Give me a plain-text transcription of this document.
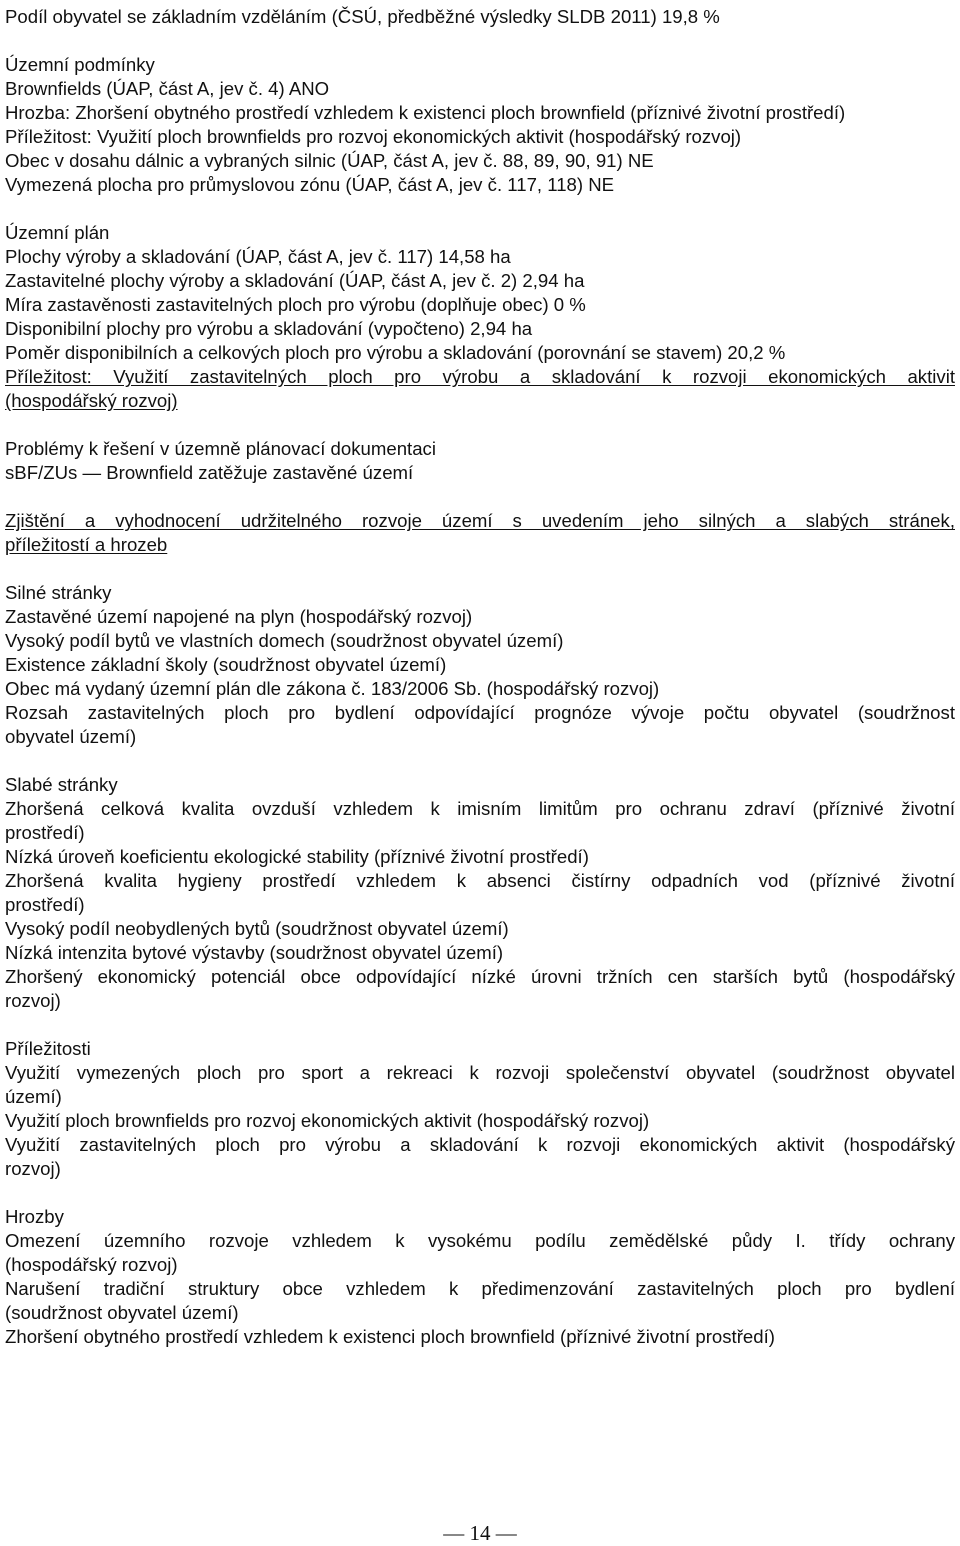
Podíl obyvatel se základním vzděláním (ČSÚ, předběžné výsledky SLDB 2011) 19,8 %
Územní podmínky
Brownfields (ÚAP, část A, jev č. 4) ANO
Hrozba: Zhoršení obytného prostředí vzhledem k existenci ploch brownfield (příznivé životní prostředí)
Příležitost: Využití ploch brownfields pro rozvoj ekonomických aktivit (hospodářský rozvoj)
Obec v dosahu dálnic a vybraných silnic (ÚAP, část A, jev č. 88, 89, 90, 91) NE
Vymezená plocha pro průmyslovou zónu (ÚAP, část A, jev č. 117, 118) NE
Územní plán
Plochy výroby a skladování (ÚAP, část A, jev č. 117) 14,58 ha
Zastavitelné plochy výroby a skladování (ÚAP, část A, jev č. 2) 2,94 ha
Míra zastavěnosti zastavitelných ploch pro výrobu (doplňuje obec) 0 %
Disponibilní plochy pro výrobu a skladování (vypočteno) 2,94 ha
Poměr disponibilních a celkových ploch pro výrobu a skladování (porovnání se stavem) 20,2 %
Příležitost: Využití zastavitelných ploch pro výrobu a skladování k rozvoji ekonomických aktivit
(hospodářský rozvoj)
Problémy k řešení v územně plánovací dokumentaci
sBF/ZUs — Brownfield zatěžuje zastavěné území
Zjištění a vyhodnocení udržitelného rozvoje území s uvedením jeho silných a slabých stránek,
příležitostí a hrozeb
Silné stránky
Zastavěné území napojené na plyn (hospodářský rozvoj)
Vysoký podíl bytů ve vlastních domech (soudržnost obyvatel území)
Existence základní školy (soudržnost obyvatel území)
Obec má vydaný územní plán dle zákona č. 183/2006 Sb. (hospodářský rozvoj)
Rozsah zastavitelných ploch pro bydlení odpovídající prognóze vývoje počtu obyvatel (soudržnost
obyvatel území)
Slabé stránky
Zhoršená celková kvalita ovzduší vzhledem k imisním limitům pro ochranu zdraví (příznivé životní
prostředí)
Nízká úroveň koeficientu ekologické stability (příznivé životní prostředí)
Zhoršená kvalita hygieny prostředí vzhledem k absenci čistírny odpadních vod (příznivé životní
prostředí)
Vysoký podíl neobydlených bytů (soudržnost obyvatel území)
Nízká intenzita bytové výstavby (soudržnost obyvatel území)
Zhoršený ekonomický potenciál obce odpovídající nízké úrovni tržních cen starších bytů (hospodářský
rozvoj)
Příležitosti
Využití vymezených ploch pro sport a rekreaci k rozvoji společenství obyvatel (soudržnost obyvatel
území)
Využití ploch brownfields pro rozvoj ekonomických aktivit (hospodářský rozvoj)
Využití zastavitelných ploch pro výrobu a skladování k rozvoji ekonomických aktivit (hospodářský
rozvoj)
Hrozby
Omezení územního rozvoje vzhledem k vysokému podílu zemědělské půdy I. třídy ochrany
(hospodářský rozvoj)
Narušení tradiční struktury obce vzhledem k předimenzování zastavitelných ploch pro bydlení
(soudržnost obyvatel území)
Zhoršení obytného prostředí vzhledem k existenci ploch brownfield (příznivé životní prostředí)
— 14 —
